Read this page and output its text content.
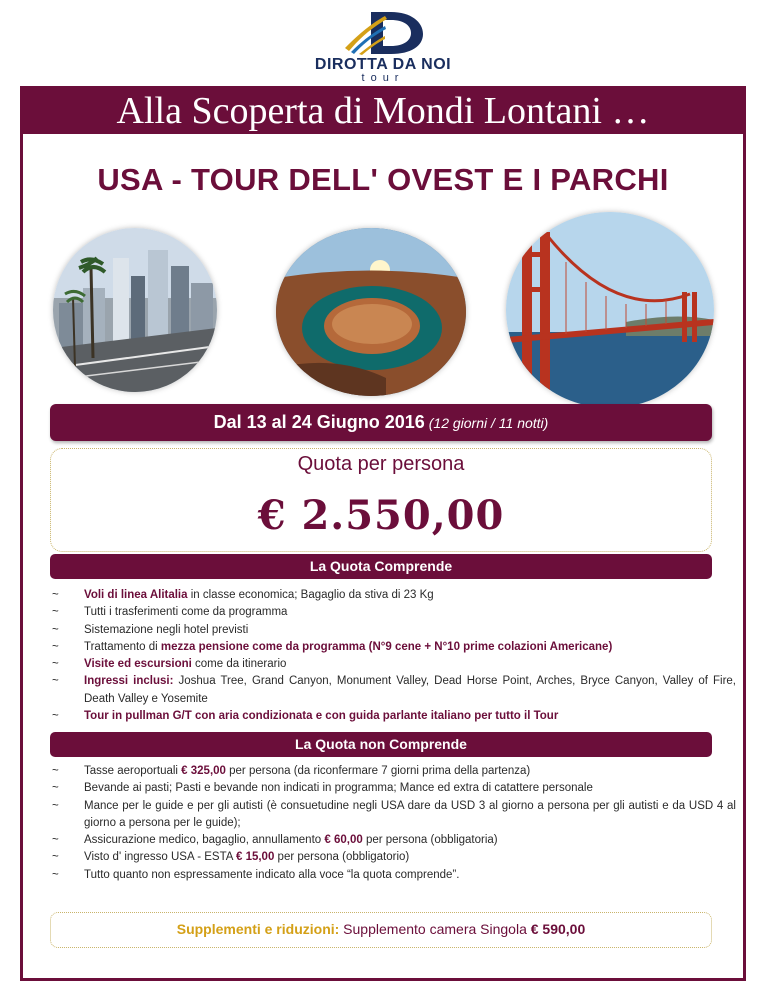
DIROTTA DA NOI
tour
Alla Scoperta di Mondi Lontani …
USA - TOUR DELL' OVEST E I PARCHI
Dal 13 al 24 Giugno 2016 (12 giorni / 11 notti)
Quota per persona
€ 2.550,00
La Quota Comprende
~ Voli di linea Alitalia in classe economica; Bagaglio da stiva di 23 Kg
~ Tutti i trasferimenti come da programma
~ Sistemazione negli hotel previsti
~ Trattamento di mezza pensione come da programma (N°9 cene + N°10 prime colazioni Americane)
~ Visite ed escursioni come da itinerario
~ Ingressi inclusi: Joshua Tree, Grand Canyon, Monument Valley, Dead Horse Point, Arches, Bryce Canyon, Valley of Fire, Death Valley e Yosemite
~ Tour in pullman G/T con aria condizionata e con guida parlante italiano per tutto il Tour
La Quota non Comprende
~ Tasse aeroportuali € 325,00 per persona (da riconfermare 7 giorni prima della partenza)
~ Bevande ai pasti; Pasti e bevande non indicati in programma; Mance ed extra di catattere personale
~ Mance per le guide e per gli autisti (è consuetudine negli USA dare da USD 3 al giorno a persona per gli autisti e da USD 4 al giorno a persona per le guide);
~ Assicurazione medico, bagaglio, annullamento € 60,00 per persona (obbligatoria)
~ Visto d' ingresso USA - ESTA € 15,00 per persona (obbligatorio)
~ Tutto quanto non espressamente indicato alla voce “la quota comprende”.
Supplementi e riduzioni: Supplemento camera Singola € 590,00
